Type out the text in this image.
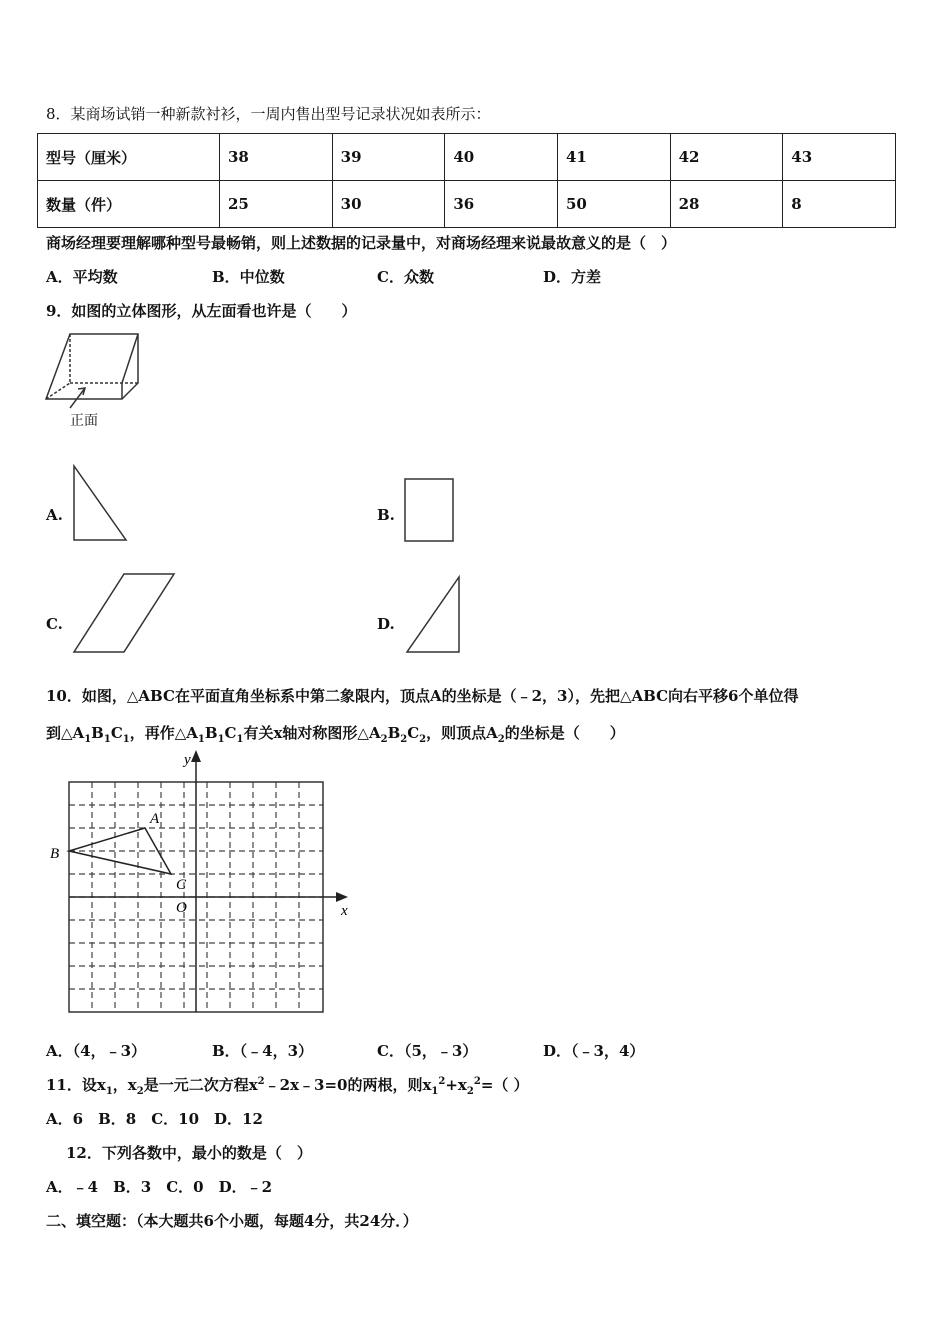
8．某商场试销一种新款衬衫，一周内售出型号记录状况如表所示：
型号（厘米）	38	39	40	41	42	43
数量（件）	25	30	36	50	28	8
商场经理要理解哪种型号最畅销，则上述数据的记录量中，对商场经理来说最故意义的是（　）
A．平均数	B．中位数	C．众数	D．方差
9．如图的立体图形，从左面看也许是（　　）
正面
A.	B.
C.	D.
10．如图，△ABC在平面直角坐标系中第二象限内，顶点A的坐标是（﹣2，3），先把△ABC向右平移6个单位得
到$\triangle A_1B_1C_1$，再作$\triangle A_1B_1C_1$有关x轴对称图形$\triangle A_2B_2C_2$，则顶点$A_2$的坐标是（　　）
y
x
A
B
C
O
A．（4，﹣3）	B．（﹣4，3）	C．（5，﹣3）	D．（﹣3，4）
11．设$x_1$，$x_2$是一元二次方程$x^2﹣2x﹣3=0$的两根，则$x_1^2+x_2^2=$（ ）
A．6　B．8　C．10　D．12
12．下列各数中，最小的数是（　）
A．﹣4　B．3　C．0　D．﹣2
二、填空题：（本大题共6个小题，每题4分，共24分．）
